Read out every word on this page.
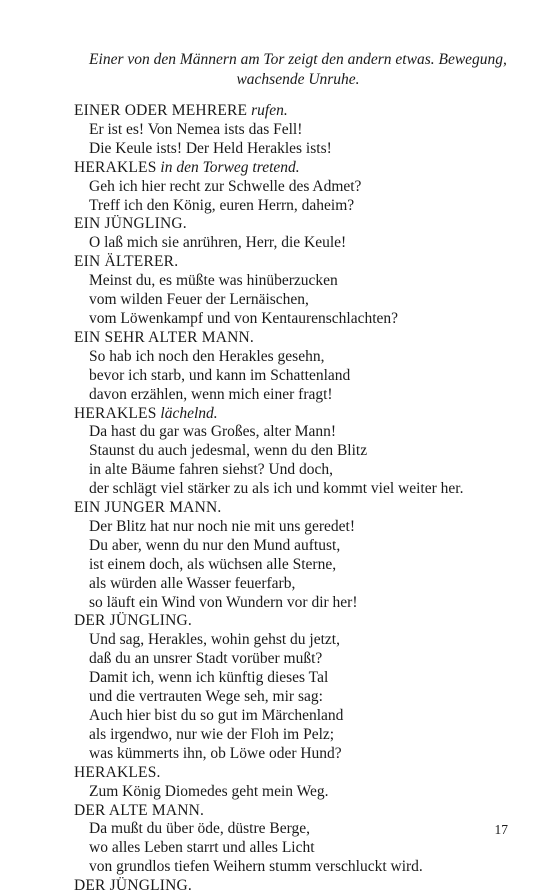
Einer von den Männern am Tor zeigt den andern etwas. Bewegung, wachsende Unruhe.

EINER ODER MEHRERE rufen.
Er ist es! Von Nemea ists das Fell!
Die Keule ists! Der Held Herakles ists!
HERAKLES in den Torweg tretend.
Geh ich hier recht zur Schwelle des Admet?
Treff ich den König, euren Herrn, daheim?
EIN JÜNGLING.
O laß mich sie anrühren, Herr, die Keule!
EIN ÄLTERER.
Meinst du, es müßte was hinüberzucken
vom wilden Feuer der Lernäischen,
vom Löwenkampf und von Kentaurenschlachten?
EIN SEHR ALTER MANN.
So hab ich noch den Herakles gesehn,
bevor ich starb, und kann im Schattenland
davon erzählen, wenn mich einer fragt!
HERAKLES lächelnd.
Da hast du gar was Großes, alter Mann!
Staunst du auch jedesmal, wenn du den Blitz
in alte Bäume fahren siehst? Und doch,
der schlägt viel stärker zu als ich und kommt viel weiter her.
EIN JUNGER MANN.
Der Blitz hat nur noch nie mit uns geredet!
Du aber, wenn du nur den Mund auftust,
ist einem doch, als wüchsen alle Sterne,
als würden alle Wasser feuerfarb,
so läuft ein Wind von Wundern vor dir her!
DER JÜNGLING.
Und sag, Herakles, wohin gehst du jetzt,
daß du an unsrer Stadt vorüber mußt?
Damit ich, wenn ich künftig dieses Tal
und die vertrauten Wege seh, mir sag:
Auch hier bist du so gut im Märchenland
als irgendwo, nur wie der Floh im Pelz;
was kümmerts ihn, ob Löwe oder Hund?
HERAKLES.
Zum König Diomedes geht mein Weg.
DER ALTE MANN.
Da mußt du über öde, düstre Berge,
wo alles Leben starrt und alles Licht
von grundlos tiefen Weihern stumm verschluckt wird.
DER JÜNGLING.
17
